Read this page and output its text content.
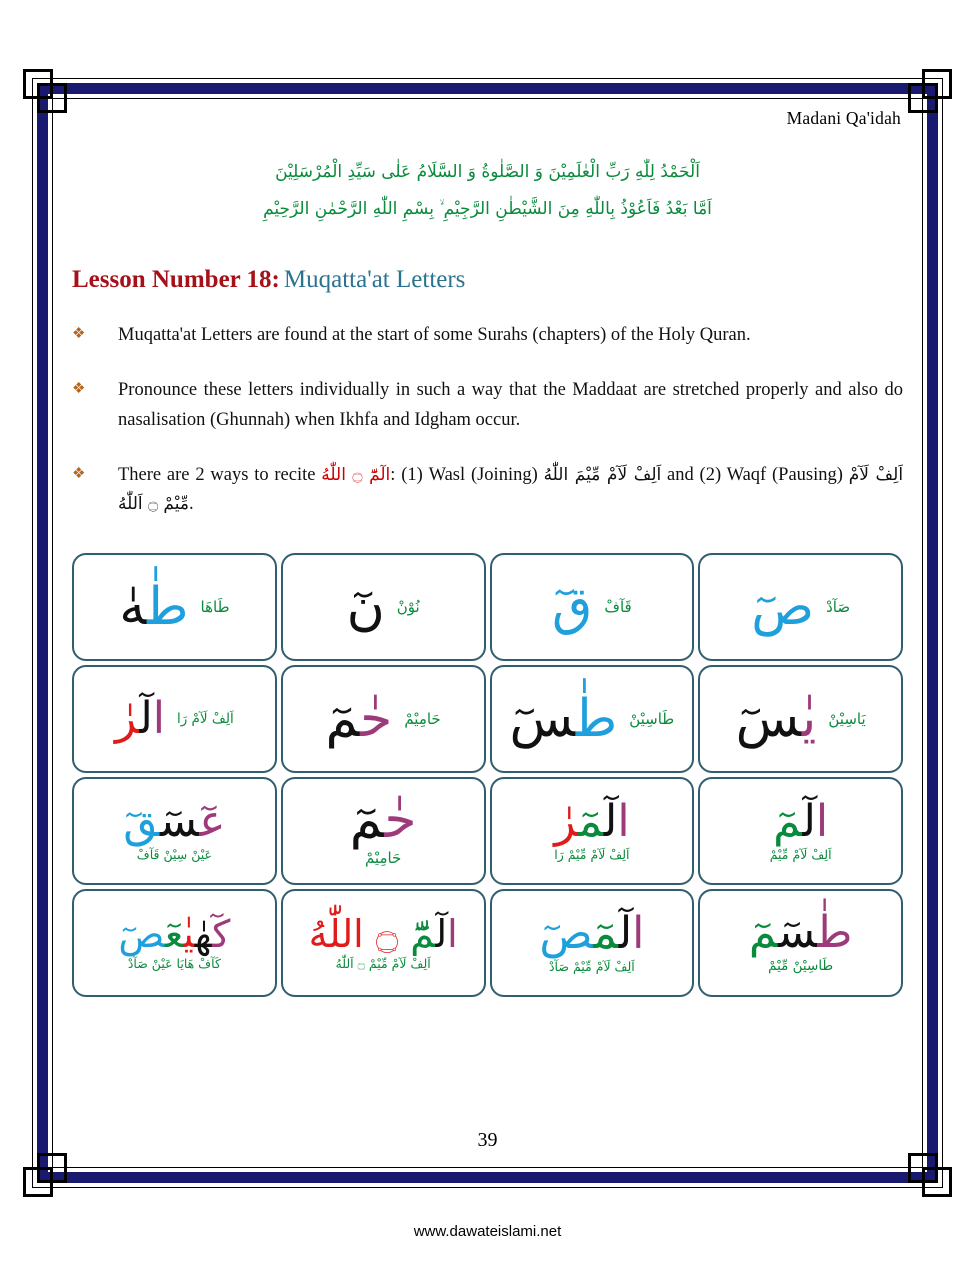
Madani Qa'idah
اَلْحَمْدُ لِلّٰهِ رَبِّ الْعٰلَمِيْنَ وَ الصَّلٰوةُ وَ السَّلَامُ عَلٰى سَيِّدِ الْمُرْسَلِيْنَ
اَمَّا بَعْدُ فَاَعُوْذُ بِاللّٰهِ مِنَ الشَّيْطٰنِ الرَّجِيْمِ ۙ بِسْمِ اللّٰهِ الرَّحْمٰنِ الرَّحِيْمِ
Lesson Number 18: Muqatta'at Letters
❖	Muqatta'at Letters are found at the start of some Surahs (chapters) of the Holy Quran.
❖	Pronounce these letters individually in such a way that the Maddaat are stretched properly and also do nasalisation (Ghunnah) when Ikhfa and Idgham occur.
❖	There are 2 ways to recite الٓمّٓ ۝ اللّٰهُ: (1) Wasl (Joining) اَلِفْ لَآمْ مِّيْمَ اللّٰهُ and (2) Waqf (Pausing) اَلِفْ لَآمْ مِّيْمْ ۝ اَللّٰهُ.
صٓ صَآدْ
قٓ قَآفْ
نٓ نُوْنْ
طٰهٰ	طَاهَا
يٰسٓ	يَاسِيْنْ
طٰسٓ	طَاسِيْنْ
حٰمٓ	حَامِيْمْ
الٓرٰ	اَلِفْ لَآمْ رَا
الٓمٓ
اَلِفْ لَآمْ مِّيْمْ
الٓمٓرٰ
اَلِفْ لَآمْ مِّيْمْ رَا
حٰمٓ
حَامِيْمْ
عٓسٓقٓ
عَيْنْ سِيْنْ قَآفْ
طٰسٓمٓ
طَاسِيْنْ مِّيْمْ
الٓمٓصٓ
اَلِفْ لَآمْ مِّيْمْ صَآدْ
الٓمّٓ ۝ اللّٰهُ
اَلِفْ لَآمْ مِّيْمْ ۝ اَللّٰهُ
كٓهٰيٰعٓصٓ
كَآفْ هَايَا عَيْنْ صَآدْ
39
www.dawateislami.net
